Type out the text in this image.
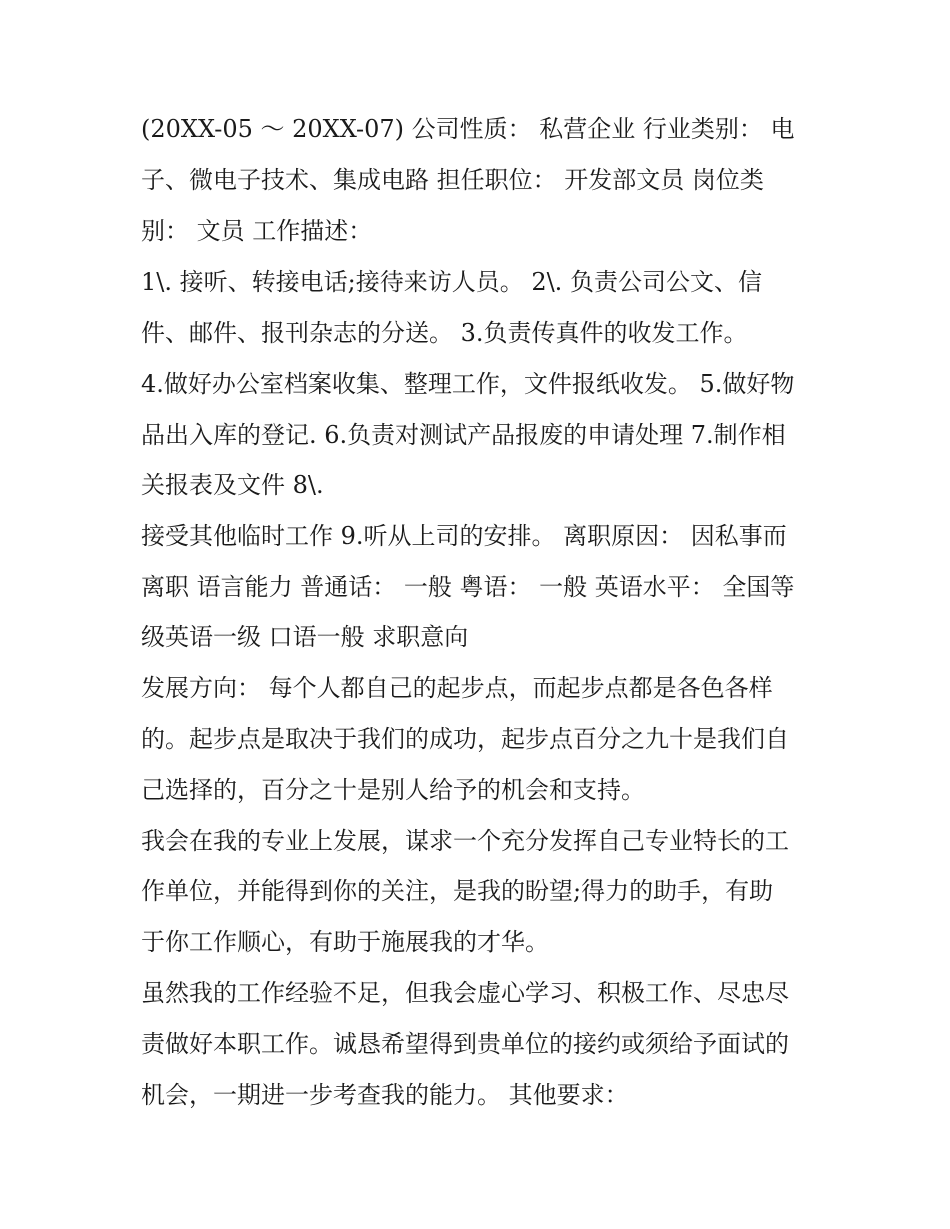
(20XX-05 ～ 20XX-07) 公司性质： 私营企业 行业类别： 电

子、微电子技术、集成电路 担任职位： 开发部文员 岗位类

别： 文员 工作描述：

1\. 接听、转接电话;接待来访人员。 2\. 负责公司公文、信

件、邮件、报刊杂志的分送。 3.负责传真件的收发工作。

4.做好办公室档案收集、整理工作，文件报纸收发。 5.做好物

品出入库的登记. 6.负责对测试产品报废的申请处理 7.制作相

关报表及文件 8\.

接受其他临时工作 9.听从上司的安排。 离职原因： 因私事而

离职 语言能力 普通话： 一般 粤语： 一般 英语水平： 全国等

级英语一级 口语一般 求职意向

发展方向： 每个人都自己的起步点，而起步点都是各色各样

的。起步点是取决于我们的成功，起步点百分之九十是我们自

己选择的，百分之十是别人给予的机会和支持。

我会在我的专业上发展，谋求一个充分发挥自己专业特长的工

作单位，并能得到你的关注，是我的盼望;得力的助手，有助

于你工作顺心，有助于施展我的才华。

虽然我的工作经验不足，但我会虚心学习、积极工作、尽忠尽

责做好本职工作。诚恳希望得到贵单位的接约或须给予面试的

机会，一期进一步考查我的能力。 其他要求：
